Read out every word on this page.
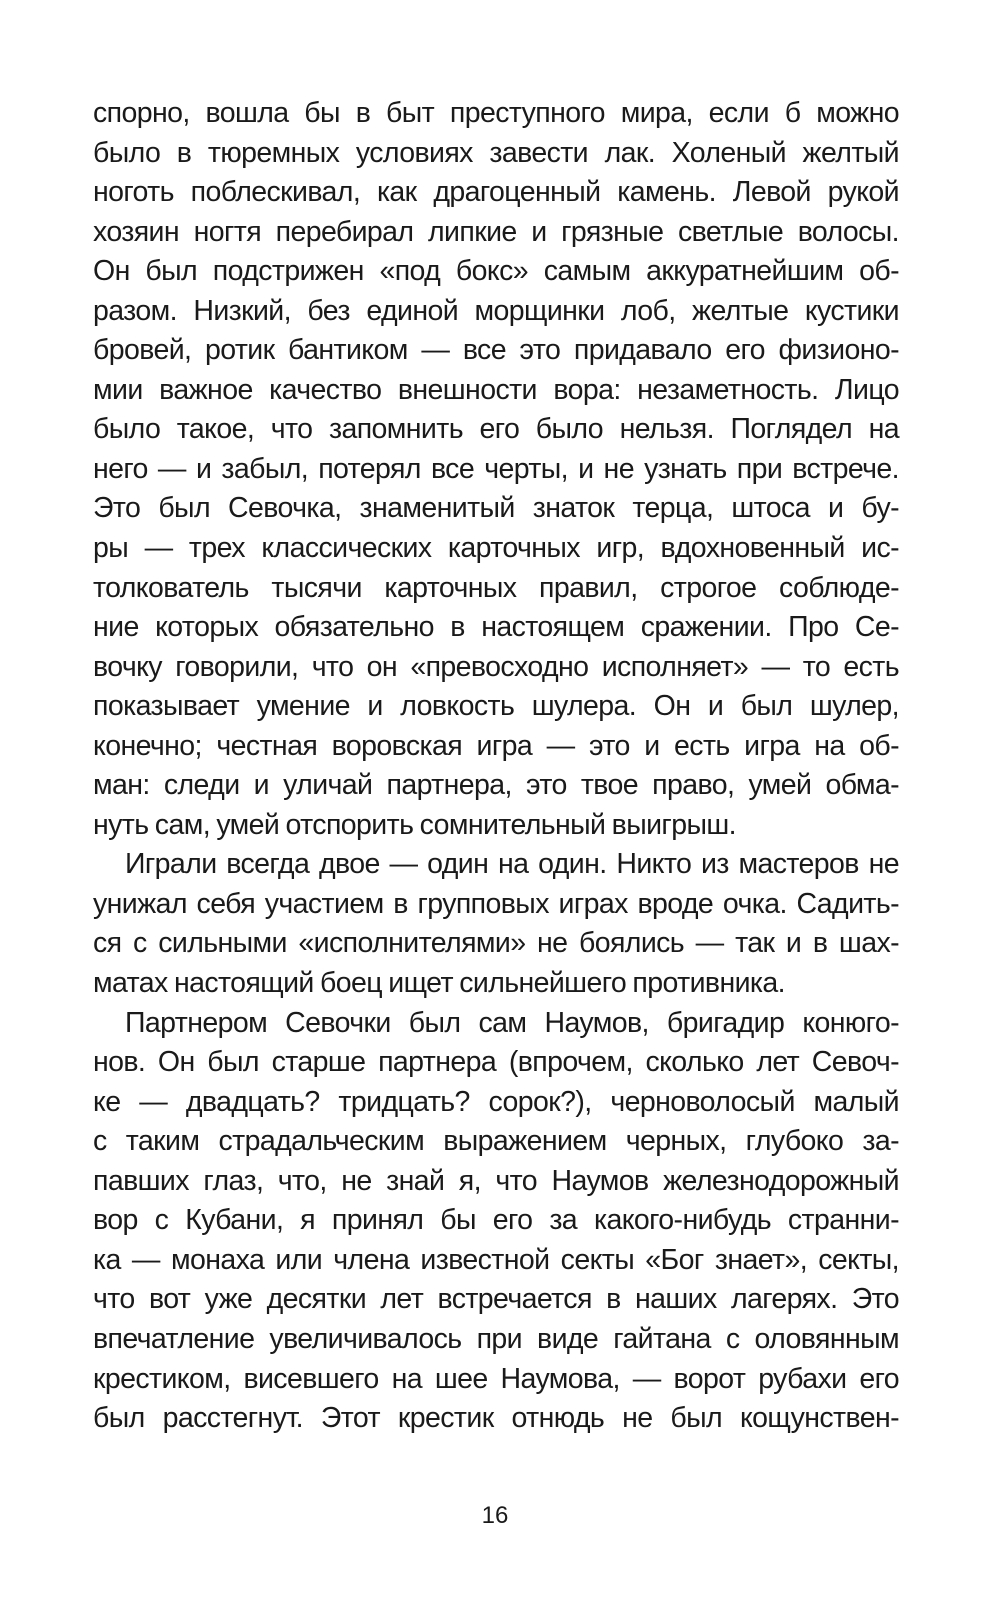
спорно, вошла бы в быт преступного мира, если б можно
было в тюремных условиях завести лак. Холеный желтый
ноготь поблескивал, как драгоценный камень. Левой рукой
хозяин ногтя перебирал липкие и грязные светлые волосы.
Он был подстрижен «под бокс» самым аккуратнейшим об-
разом. Низкий, без единой морщинки лоб, желтые кустики
бровей, ротик бантиком — все это придавало его физионо-
мии важное качество внешности вора: незаметность. Лицо
было такое, что запомнить его было нельзя. Поглядел на
него — и забыл, потерял все черты, и не узнать при встрече.
Это был Севочка, знаменитый знаток терца, штоса и бу-
ры — трех классических карточных игр, вдохновенный ис-
толкователь тысячи карточных правил, строгое соблюде-
ние которых обязательно в настоящем сражении. Про Се-
вочку говорили, что он «превосходно исполняет» — то есть
показывает умение и ловкость шулера. Он и был шулер,
конечно; честная воровская игра — это и есть игра на об-
ман: следи и уличай партнера, это твое право, умей обма-
нуть сам, умей отспорить сомнительный выигрыш.
Играли всегда двое — один на один. Никто из мастеров не
унижал себя участием в групповых играх вроде очка. Садить-
ся с сильными «исполнителями» не боялись — так и в шах-
матах настоящий боец ищет сильнейшего противника.
Партнером Севочки был сам Наумов, бригадир конюго-
нов. Он был старше партнера (впрочем, сколько лет Севоч-
ке — двадцать? тридцать? сорок?), черноволосый малый
с таким страдальческим выражением черных, глубоко за-
павших глаз, что, не знай я, что Наумов железнодорожный
вор с Кубани, я принял бы его за какого-нибудь странни-
ка — монаха или члена известной секты «Бог знает», секты,
что вот уже десятки лет встречается в наших лагерях. Это
впечатление увеличивалось при виде гайтана с оловянным
крестиком, висевшего на шее Наумова, — ворот рубахи его
был расстегнут. Этот крестик отнюдь не был кощунствен-
16
